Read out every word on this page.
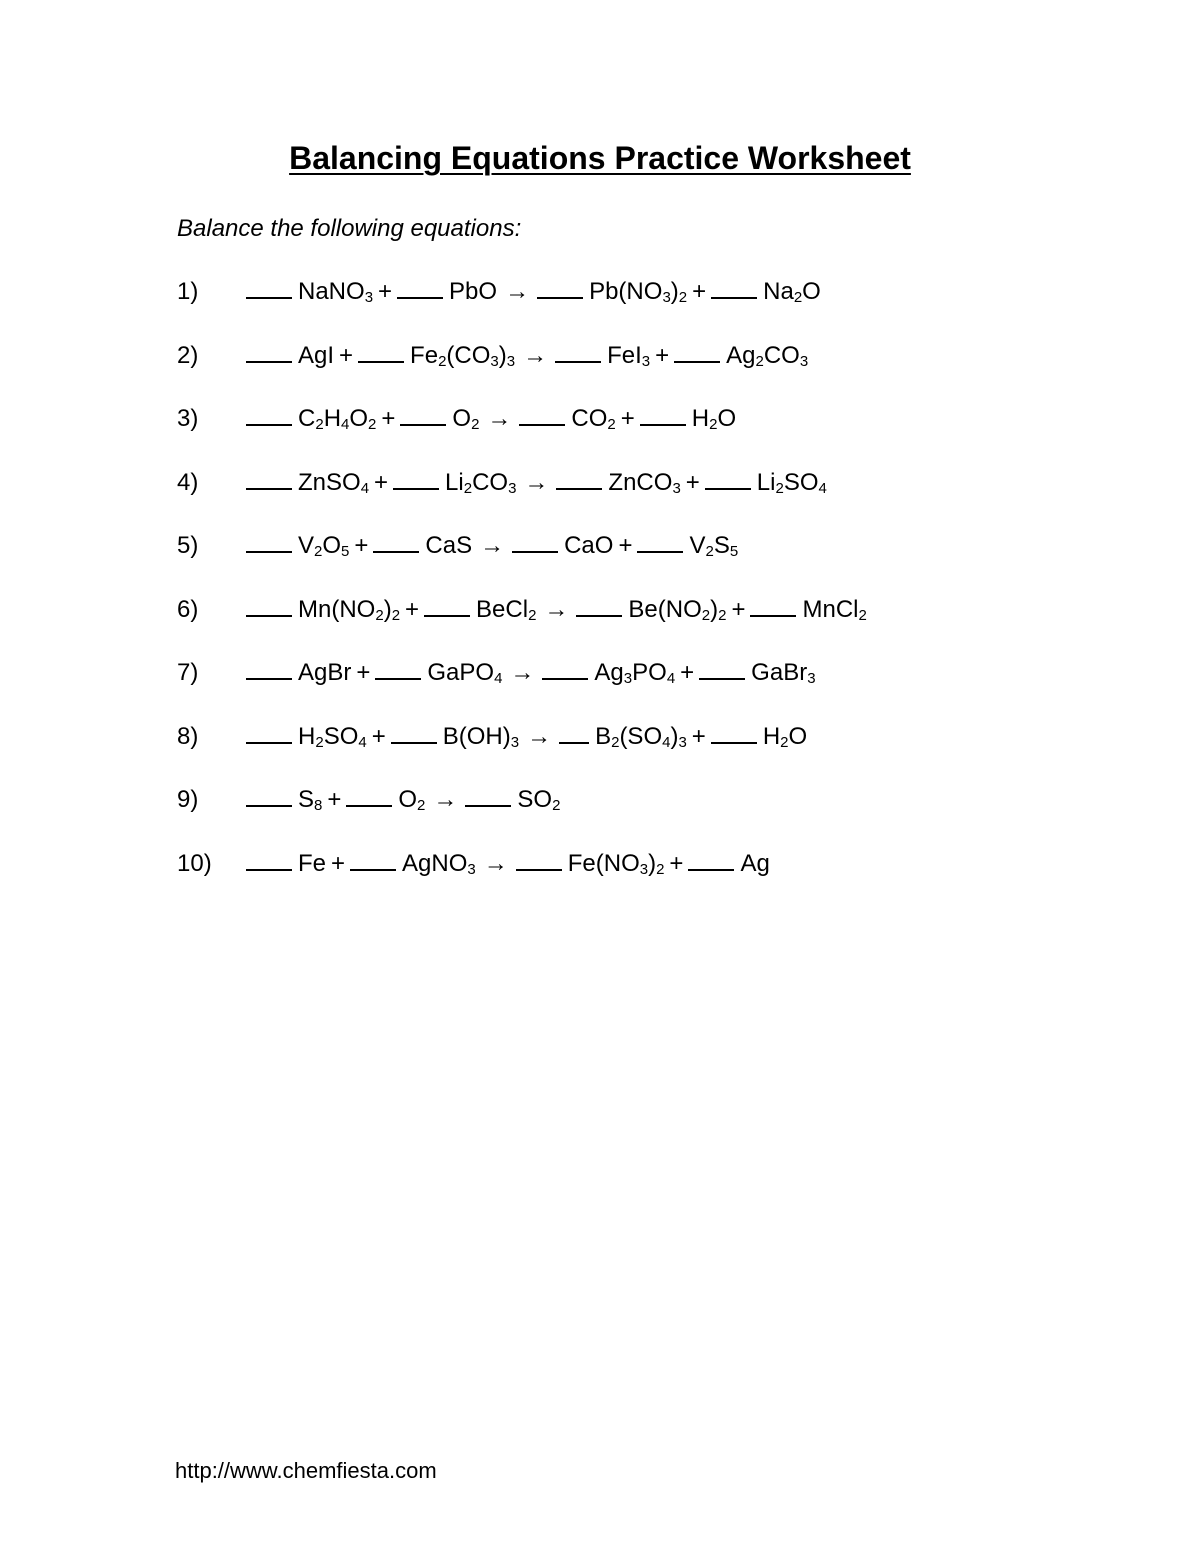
Balancing Equations Practice Worksheet
Balance the following equations:
1)	NaNO$_3$ + PbO →	$Pb(NO_3)_2 + Na_2O$
2)	AgI + $Fe_2(CO_3)_3$ →	$FeI_3 + Ag_2CO_3$
3)	$C_2H_4O_2 + O_2$ →	$CO_2 + H_2O$
4)	ZnSO$_4$ + $Li_2CO_3$ →	ZnCO$_3$ + $Li_2SO_4$
5)	$V_2O_5$ + CaS →	CaO + $V_2S_5$
6)	$Mn(NO_2)_2$ + BeCl$_2$ →	$Be(NO_2)_2$ + MnCl$_2$
7)	AgBr + GaPO$_4$ →	$Ag_3PO_4$ + GaBr$_3$
8)	$H_2SO_4 + B(OH)_3 \to B_2(SO_4)_3 + H_2O$
9)	$S_8 + O_2$ →	$SO_2$
10)	Fe + AgNO$_3$ →	$Fe(NO_3)_2 + Ag$
http://www.chemfiesta.com
